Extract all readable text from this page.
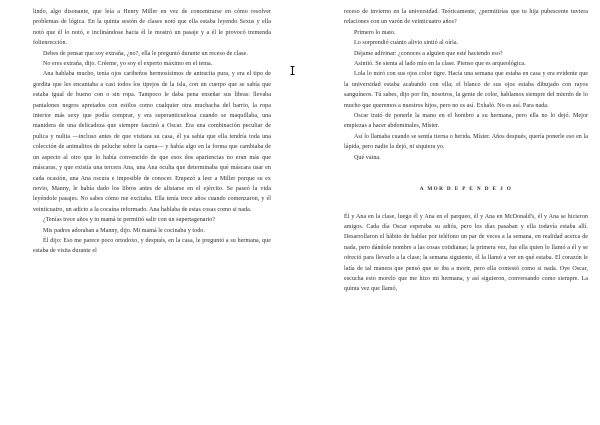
lindo, algo disonante, que leía a Henry Miller en vez de concentrarse en cómo resolver problemas de lógica. En la quinta sesión de clases notó que ella estaba leyendo Sexus y ella notó que él lo notó, e inclinándose hacia él le mostró un pasaje y a él le provocó tremenda folienrección.

Debes de pensar que soy extraña, ¿no?, ella le preguntó durante un receso de clase.

No eres extraña, dijo. Créeme, yo soy el experto máximo en el tema.

Ana hablaba mucho, tenía ojos caribeños hermosísimos de antracita pura, y era el tipo de gordita que les encantaba a casi todos los tipejos de la isla, con un cuerpo que se sabía que estaba igual de bueno con o sin ropa. Tampoco le daba pena enseñar sus libras: llevaba pantalones negros apretados con estilos como cualquier otra muchacha del barrio, la ropa interior más sexy que podía comprar, y era superanticuelosa cuando se maquillaba, una manidera de una delicadeza que siempre fascinó a Oscar. Era una combinación peculiar de pulica y nulita —incluso antes de que visitara su casa, él ya sabía que ella tendría toda una colección de animalitos de peluche sobre la cama— y había algo en la forma que cambiaba de un aspecto al otro que lo había convencido de que esos dos apariencias no eran más que máscaras, y que existía una tercera Ana, una Ana oculta que determinaba qué máscara usar en cada ocasión, una Ana oscura e imposible de conocer. Empezó a leer a Miller porque su ex novio, Manny, le había dado los libros antes de alistarse en el ejército. Se paseó la vida leyéndole pasajes. No sabes cómo me excitaba. Ella tenía trece años cuando comenzaron, y él veinticuatro, un adicto a la cocaína reformado. Ana hablaba de estas cosas como si nada.

¿Tenías trece años y tu mamá te permitió salir con un supertagenario?

Mis padres adoraban a Manny, dijo. Mi mamá le cocinaba y todo.

Él dijo: Eso me parece poco ortodoxo, y después, en la casa, le preguntó a su hermana, que estaba de visita durante el

receso de invierno en la universidad. Teóricamente, ¿permitirías que tu hija pubescente tuviera relaciones con un varón de veinticuatro años?

Primero lo mato.

Lo sorprendió cuánto alivio sintió al oírla.

Déjame adivinar: ¿conoces a alguien que esté haciendo eso?

Asintió. Se sienta al lado mío en la clase. Pienso que es arqueológica.

Lola lo miró con sus ojos color tigre. Hacía una semana que estaba en casa y era evidente que la universidad estaba acabando con ella; el blanco de sus ojos estaba dibujado con rayos sanguíneos. Tú sabes, dijo por fin, nosotros, la gente de color, hablamos siempre del mierdo de lo mucho que queremos a nuestros hijos, pero no es así. Exhaló. No es así. Para nada.

Oscar trató de ponerle la mano en el hombro a su hermana, pero ella no lo dejó. Mejor empiezas a hacer abdominales, Míster.

Así lo llamaba cuando se sentía tierna o herida. Míster. Años después, quería ponerle eso en la lápida, pero nadie la dejó, ni siquiera yo.

Qué vaina.

A MOR D E P E N D E J O

Él y Ana en la clase, luego él y Ana en el parqueo, él y Ana en McDonald's, él y Ana se hicieron amigos. Cada día Oscar esperaba su adiós, pero los días pasaban y ella todavía estaba allí. Desarrollaron el hábito de hablar por teléfono un par de veces a la semana, en realidad acerca de nada, pero dándole nombre a las cosas cotidianas; la primera vez, fue ella quien lo llamó a él y se ofreció para llevarlo a la clase; la semana siguiente, él la llamó a ver en qué estaba. El corazón le latía de tal manera que pensó que se iba a morir, pero ella contestó como si nada. Oye Oscar, escucha esto morelo que me hizo mi hermana, y así siguieron, conversando como siempre. La quinta vez que llamó,
